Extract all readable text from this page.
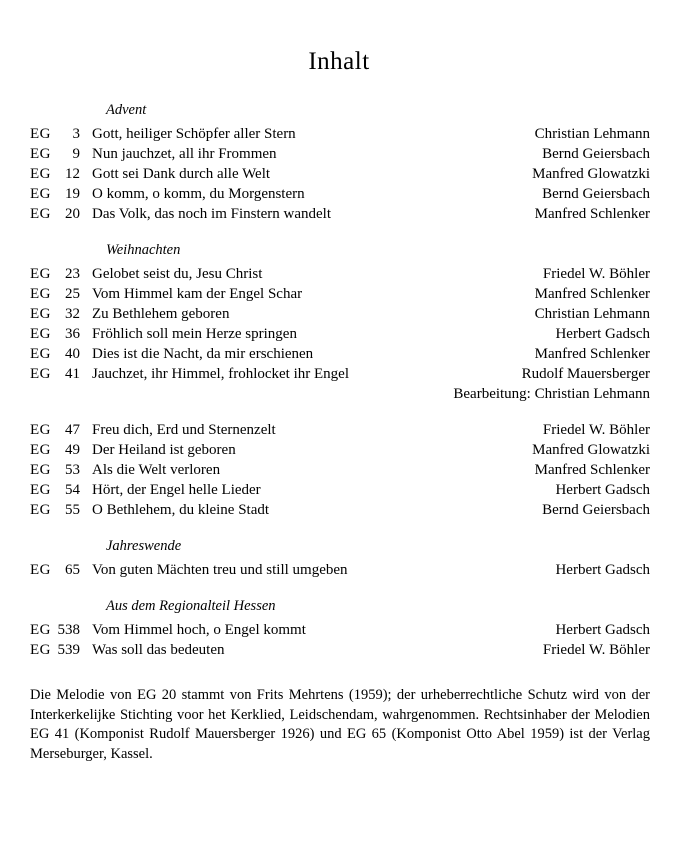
Inhalt
Advent
EG	3 Gott, heiliger Schöpfer aller Stern	Christian Lehmann
EG	9 Nun jauchzet, all ihr Frommen	Bernd Geiersbach
EG 12 Gott sei Dank durch alle Welt	Manfred Glowatzki
EG 19 O komm, o komm, du Morgenstern	Bernd Geiersbach
EG 20 Das Volk, das noch im Finstern wandelt	Manfred Schlenker
Weihnachten
EG 23 Gelobet seist du, Jesu Christ	Friedel W. Böhler
EG 25 Vom Himmel kam der Engel Schar	Manfred Schlenker
EG 32 Zu Bethlehem geboren	Christian Lehmann
EG 36 Fröhlich soll mein Herze springen	Herbert Gadsch
EG 40 Dies ist die Nacht, da mir erschienen	Manfred Schlenker
EG 41 Jauchzet, ihr Himmel, frohlocket ihr Engel	Rudolf Mauersberger
Bearbeitung: Christian Lehmann
EG 47 Freu dich, Erd und Sternenzelt	Friedel W. Böhler
EG 49 Der Heiland ist geboren	Manfred Glowatzki
EG 53 Als die Welt verloren	Manfred Schlenker
EG 54 Hört, der Engel helle Lieder	Herbert Gadsch
EG 55 O Bethlehem, du kleine Stadt	Bernd Geiersbach
Jahreswende
EG 65 Von guten Mächten treu und still umgeben	Herbert Gadsch
Aus dem Regionalteil Hessen
EG 538 Vom Himmel hoch, o Engel kommt	Herbert Gadsch
EG 539 Was soll das bedeuten	Friedel W. Böhler
Die Melodie von EG 20 stammt von Frits Mehrtens (1959); der urheberrechtliche Schutz wird von der Interkerkelijke Stichting voor het Kerklied, Leidschendam, wahrgenommen. Rechtsinhaber der Melodien EG 41 (Komponist Rudolf Mauersberger 1926) und EG 65 (Komponist Otto Abel 1959) ist der Verlag Merseburger, Kassel.
